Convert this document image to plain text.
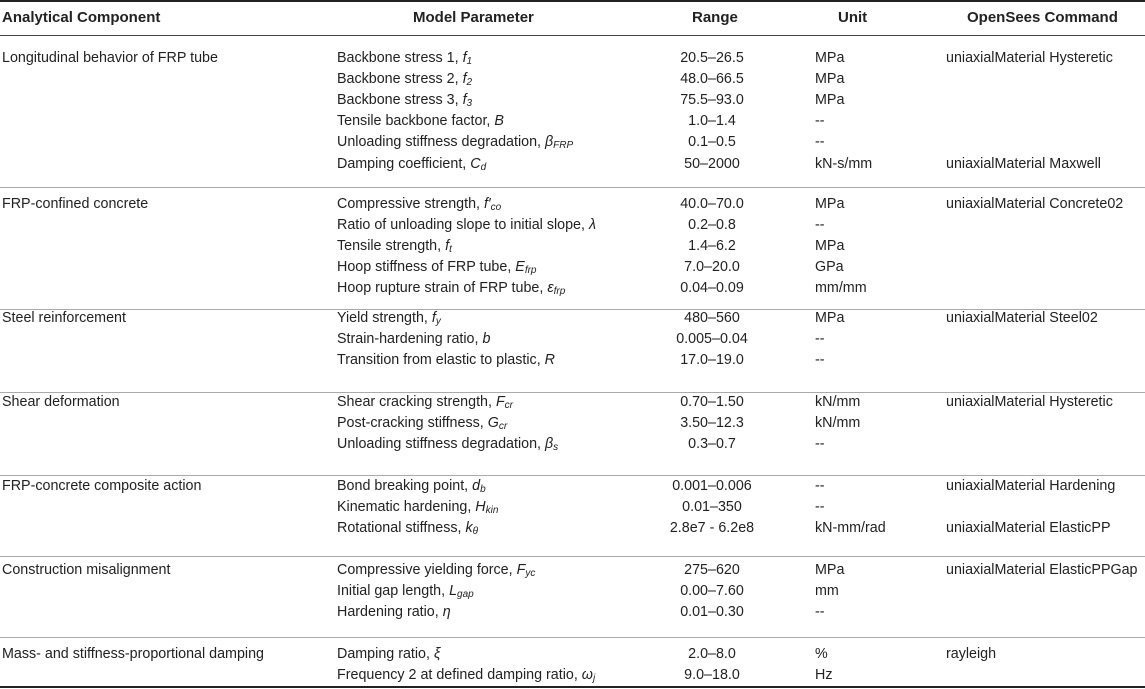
Analytical Component	Model Parameter	Range	Unit	OpenSees Command
Longitudinal behavior of FRP tube	Backbone stress 1, $f_1$	20.5–26.5	MPa	uniaxialMaterial Hysteretic
Backbone stress 2, $f_2$	48.0–66.5	MPa
Backbone stress 3, $f_3$	75.5–93.0	MPa
Tensile backbone factor, B	1.0–1.4	--
Unloading stiffness degradation, $\beta_{FRP}$	0.1–0.5	--
Damping coefficient, $C_d$	50–2000	kN-s/mm	uniaxialMaterial Maxwell
FRP-confined concrete	Compressive strength, $f'_{co}$	40.0–70.0	MPa	uniaxialMaterial Concrete02
Ratio of unloading slope to initial slope, λ	0.2–0.8	--
Tensile strength, $f_t$	1.4–6.2	MPa
Hoop stiffness of FRP tube, $E_{frp}$	7.0–20.0	GPa
Hoop rupture strain of FRP tube, $\varepsilon_{frp}$	0.04–0.09	mm/mm
Steel reinforcement	Yield strength, $f_y$	480–560	MPa	uniaxialMaterial Steel02
Strain-hardening ratio, b	0.005–0.04	--
Transition from elastic to plastic, R	17.0–19.0	--
Shear deformation	Shear cracking strength, $F_{cr}$	0.70–1.50	kN/mm	uniaxialMaterial Hysteretic
Post-cracking stiffness, $G_{cr}$	3.50–12.3	kN/mm
Unloading stiffness degradation, $\beta_s$	0.3–0.7	--
FRP-concrete composite action	Bond breaking point, $d_b$	0.001–0.006	--	uniaxialMaterial Hardening
Kinematic hardening, $H_{kin}$	0.01–350	--
Rotational stiffness, $k_\theta$	2.8e7 - 6.2e8	kN-mm/rad	uniaxialMaterial ElasticPP
Construction misalignment	Compressive yielding force, $F_{yc}$	275–620	MPa	uniaxialMaterial ElasticPPGap
Initial gap length, $L_{gap}$	0.00–7.60	mm
Hardening ratio, η	0.01–0.30	--
Mass- and stiffness-proportional damping	Damping ratio, ξ	2.0–8.0	%	rayleigh
Frequency 2 at defined damping ratio, $\omega_j$	9.0–18.0	Hz
